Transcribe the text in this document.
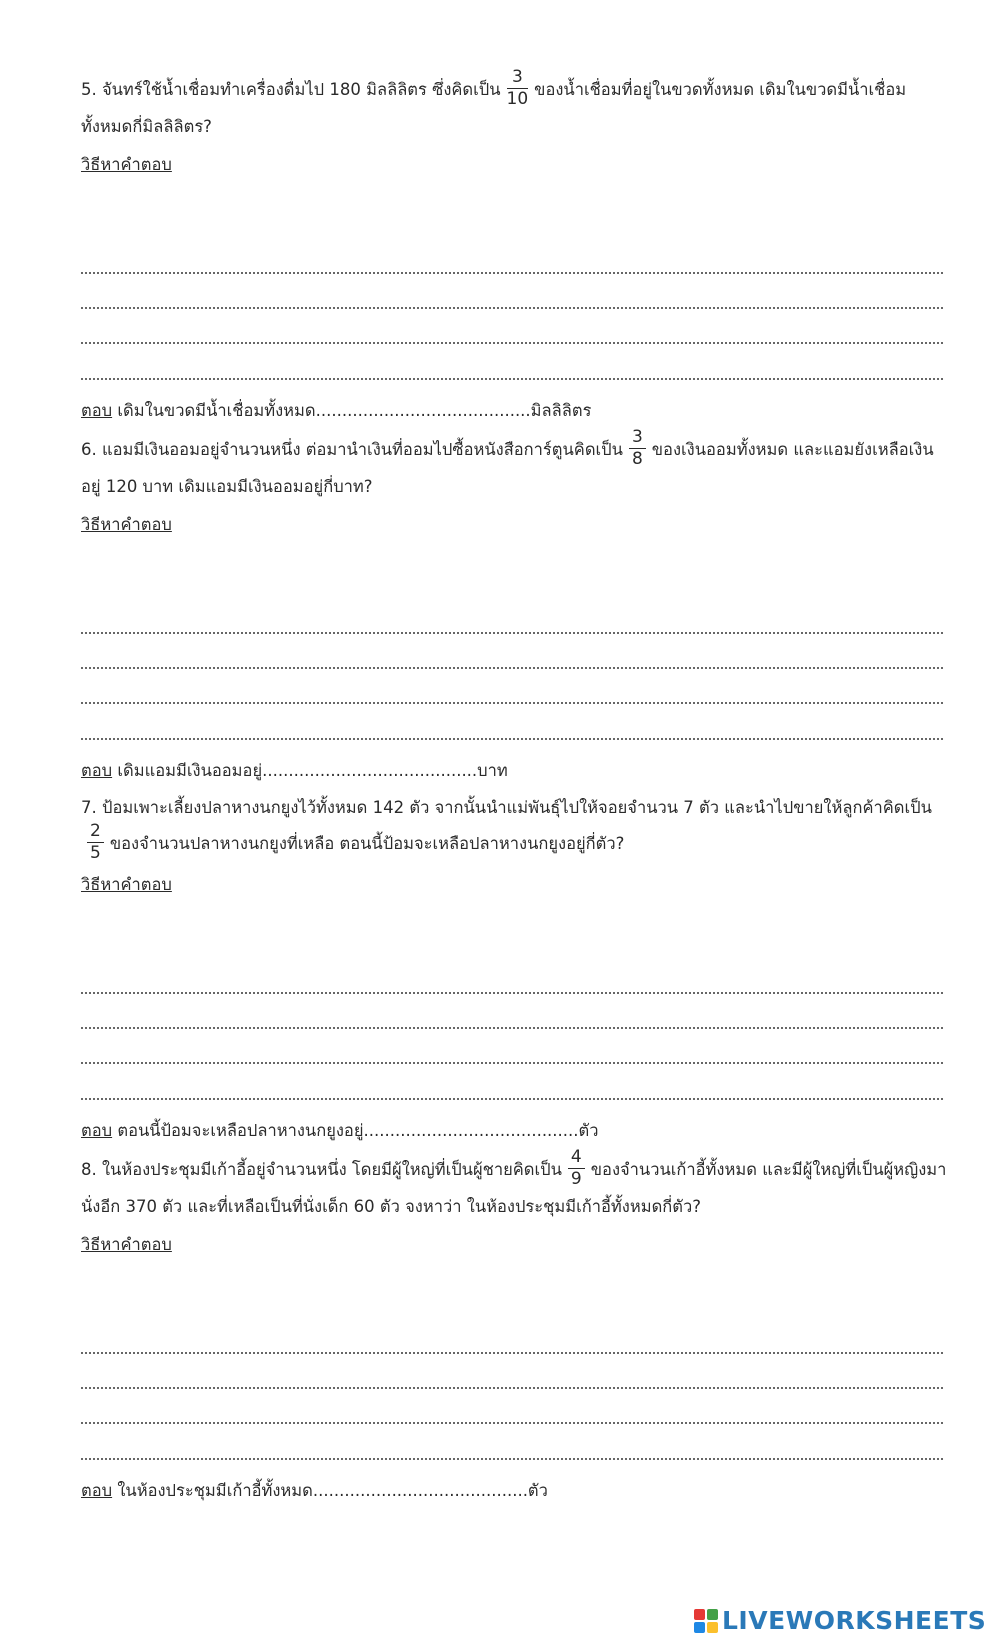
5. จันทร์ใช้น้ำเชื่อมทำเครื่องดื่มไป 180 มิลลิลิตร ซึ่งคิดเป็น $\frac{3}{10}$ ของน้ำเชื่อมที่อยู่ในขวดทั้งหมด เดิมในขวดมีน้ำเชื่อมทั้งหมดกี่มิลลิลิตร?
วิธีหาคำตอบ
ตอบ เดิมในขวดมีน้ำเชื่อมทั้งหมด.........................................มิลลิลิตร
6. แอมมีเงินออมอยู่จำนวนหนึ่ง ต่อมานำเงินที่ออมไปซื้อหนังสือการ์ตูนคิดเป็น $\frac{3}{8}$ ของเงินออมทั้งหมด และแอมยังเหลือเงินอยู่ 120 บาท เดิมแอมมีเงินออมอยู่กี่บาท?
วิธีหาคำตอบ
ตอบ เดิมแอมมีเงินออมอยู่.........................................บาท
7. ป้อมเพาะเลี้ยงปลาหางนกยูงไว้ทั้งหมด 142 ตัว จากนั้นนำแม่พันธุ์ไปให้จอยจำนวน 7 ตัว และนำไปขายให้ลูกค้าคิดเป็น
$\frac{2}{5}$ ของจำนวนปลาหางนกยูงที่เหลือ ตอนนี้ป้อมจะเหลือปลาหางนกยูงอยู่กี่ตัว?
วิธีหาคำตอบ
ตอบ ตอนนี้ป้อมจะเหลือปลาหางนกยูงอยู่.........................................ตัว
8. ในห้องประชุมมีเก้าอี้อยู่จำนวนหนึ่ง โดยมีผู้ใหญ่ที่เป็นผู้ชายคิดเป็น $\frac{4}{9}$ ของจำนวนเก้าอี้ทั้งหมด และมีผู้ใหญ่ที่เป็นผู้หญิงมานั่งอีก 370 ตัว และที่เหลือเป็นที่นั่งเด็ก 60 ตัว จงหาว่า ในห้องประชุมมีเก้าอี้ทั้งหมดกี่ตัว?
วิธีหาคำตอบ
ตอบ ในห้องประชุมมีเก้าอี้ทั้งหมด.........................................ตัว
LIVEWORKSHEETS
